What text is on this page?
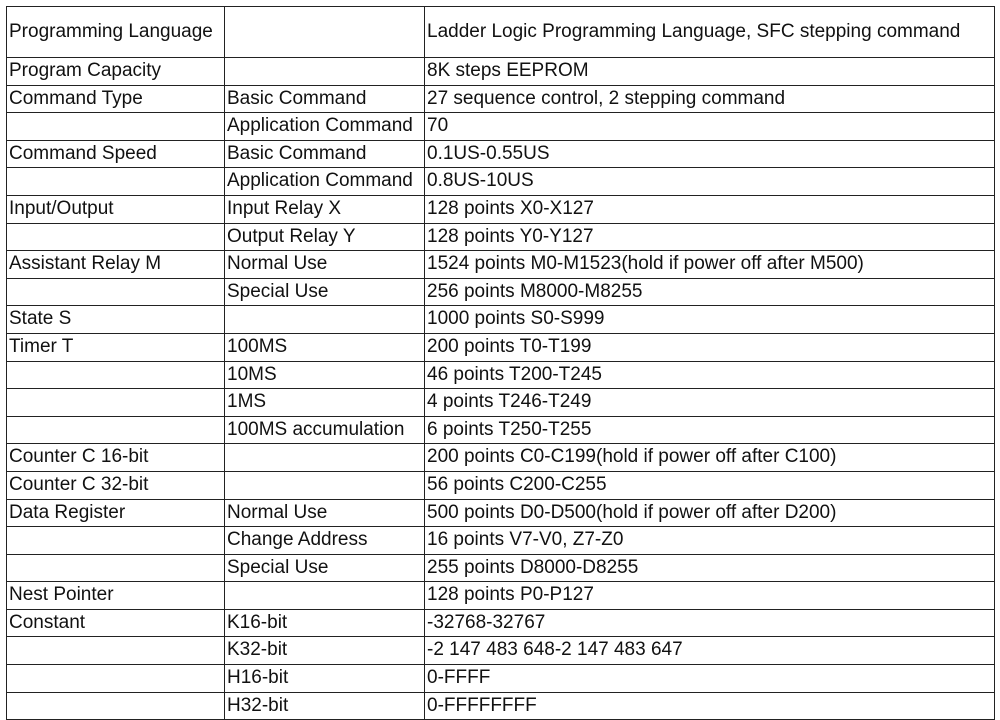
Programming Language		Ladder Logic Programming Language, SFC stepping command
Program Capacity		8K steps EEPROM
Command Type	Basic Command	27 sequence control, 2 stepping command
	Application Command	70
Command Speed	Basic Command	0.1US-0.55US
	Application Command	0.8US-10US
Input/Output	Input Relay X	128 points X0-X127
	Output Relay Y	128 points Y0-Y127
Assistant Relay M	Normal Use	1524 points M0-M1523(hold if power off after M500)
	Special Use	256 points M8000-M8255
State S		1000 points S0-S999
Timer T	100MS	200 points T0-T199
	10MS	46 points T200-T245
	1MS	4 points T246-T249
	100MS accumulation	6 points T250-T255
Counter C 16-bit		200 points C0-C199(hold if power off after C100)
Counter C 32-bit		56 points C200-C255
Data Register	Normal Use	500 points D0-D500(hold if power off after D200)
	Change Address	16 points V7-V0, Z7-Z0
	Special Use	255 points D8000-D8255
Nest Pointer		128 points P0-P127
Constant	K16-bit	-32768-32767
	K32-bit	-2 147 483 648-2 147 483 647
	H16-bit	0-FFFF
	H32-bit	0-FFFFFFFF
